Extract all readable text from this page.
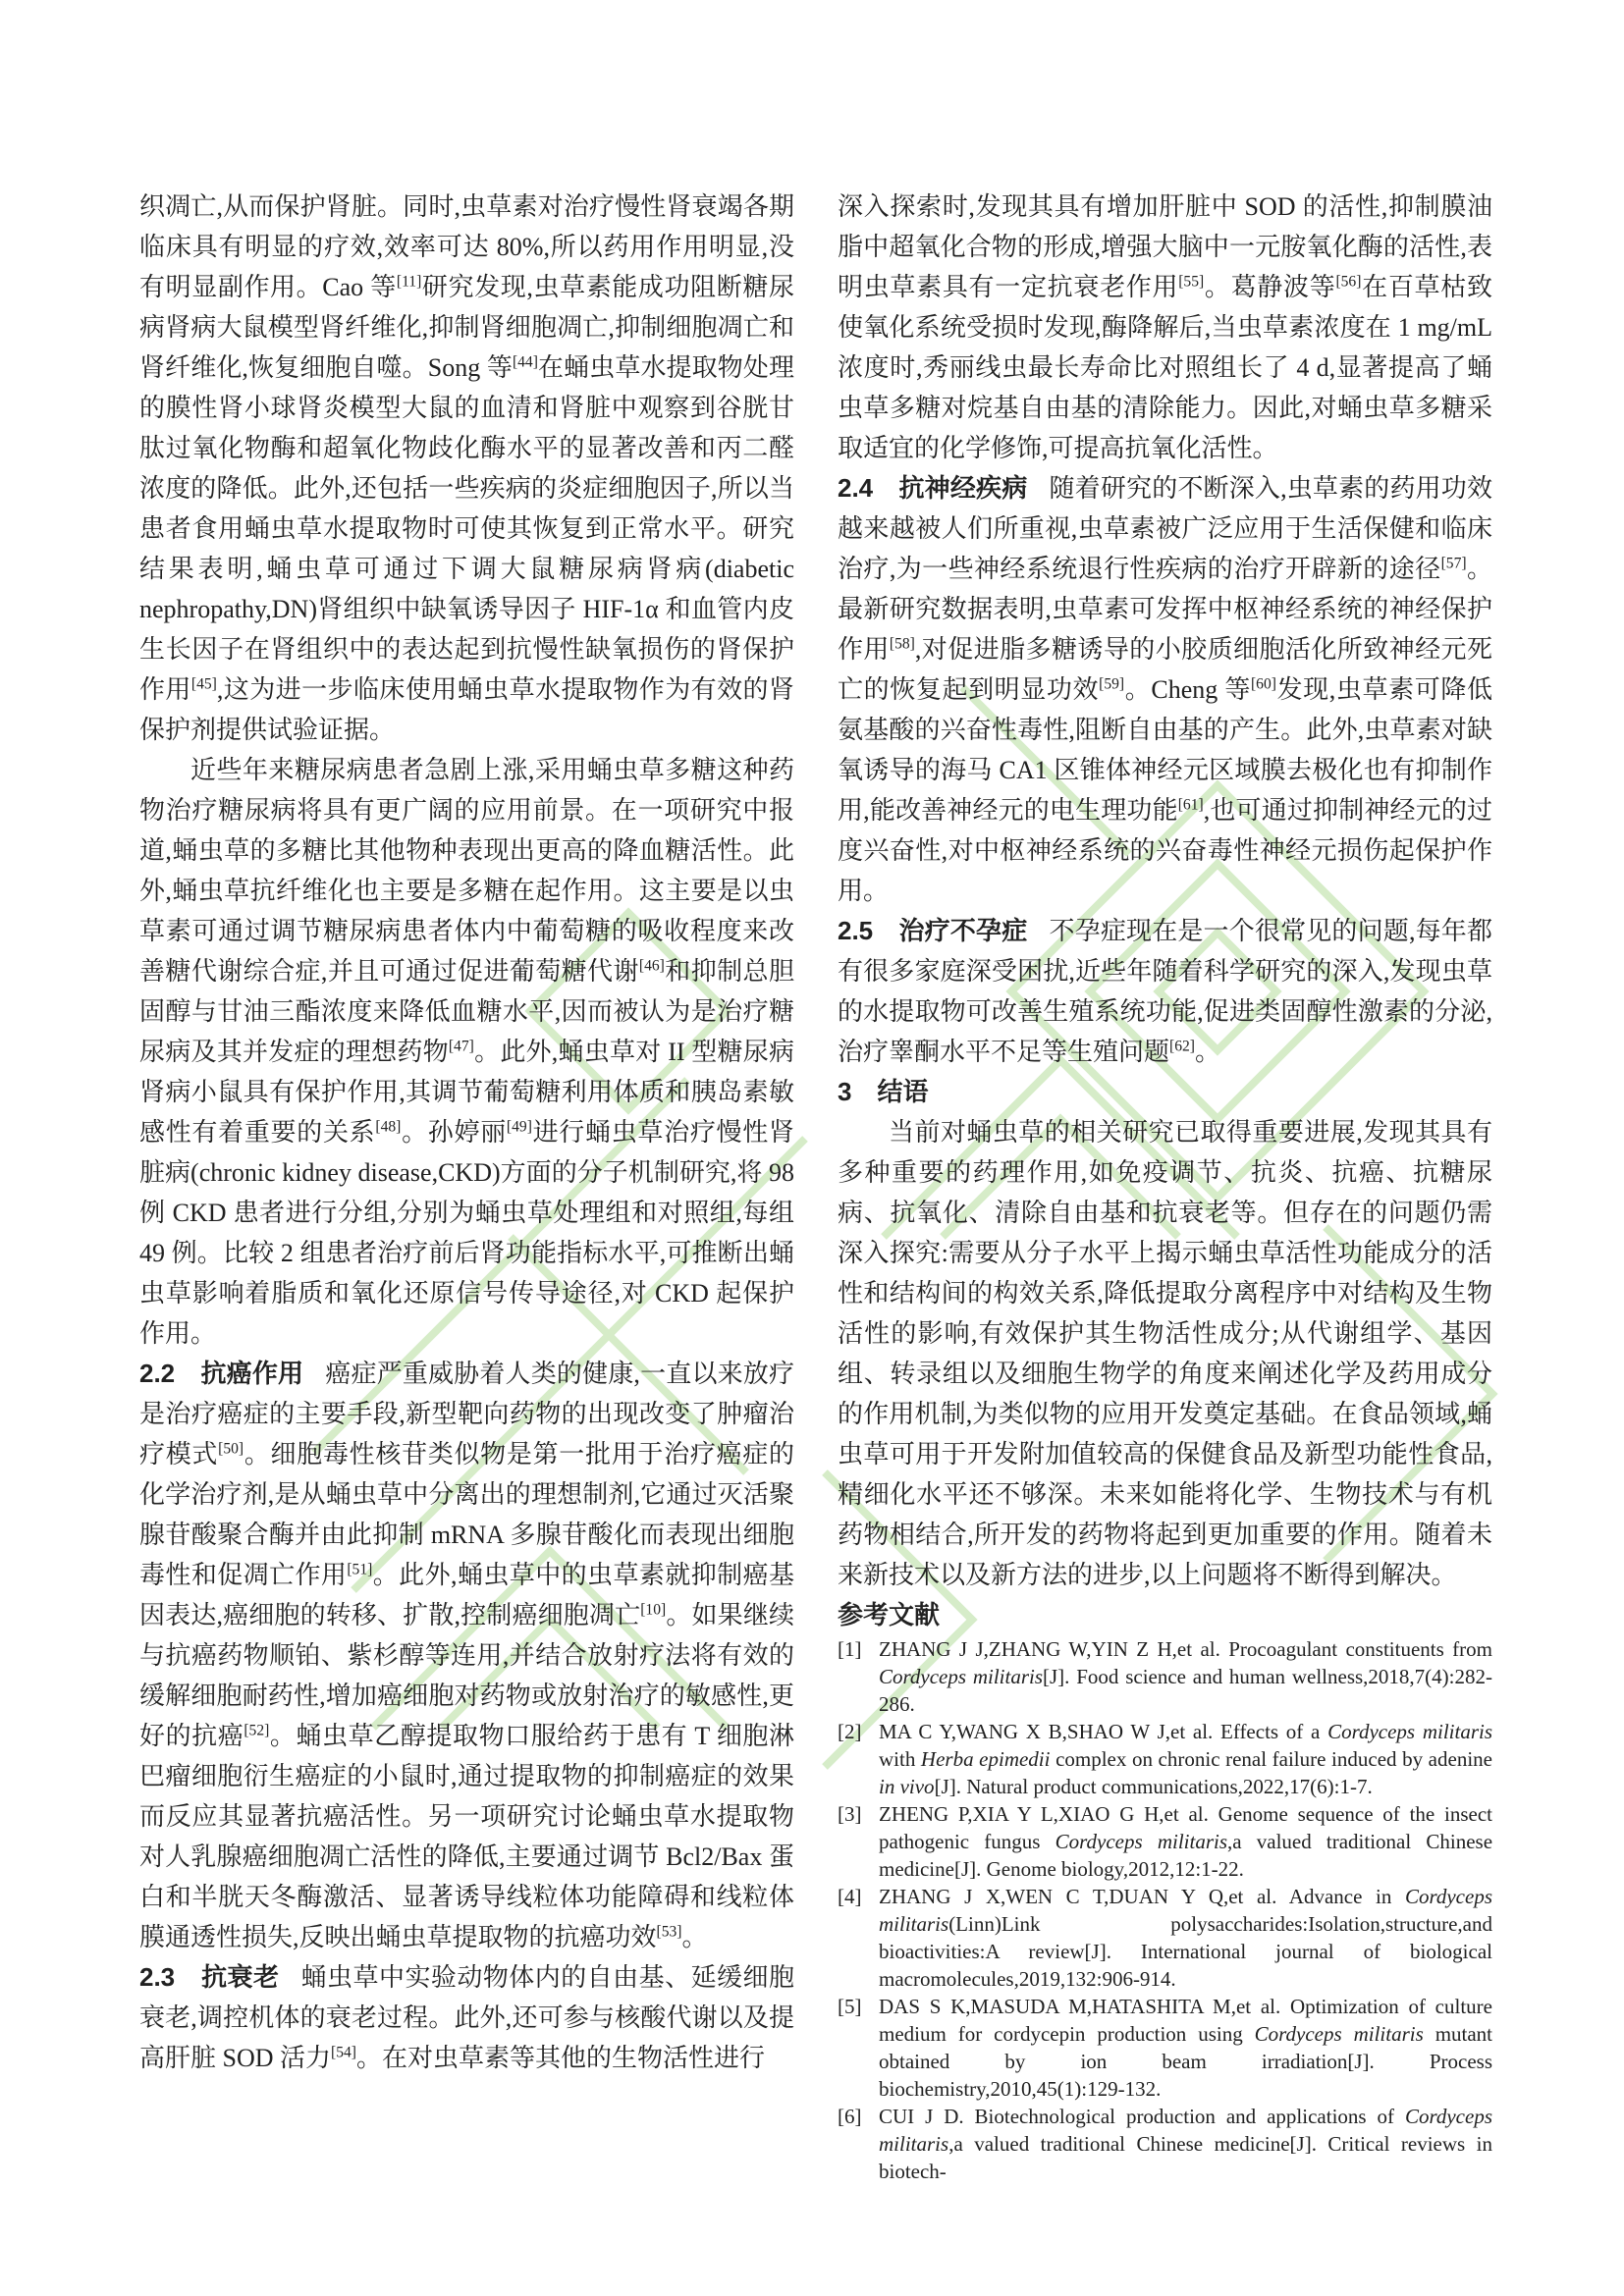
织凋亡,从而保护肾脏。同时,虫草素对治疗慢性肾衰竭各期临床具有明显的疗效,效率可达 80%,所以药用作用明显,没有明显副作用。Cao 等[11]研究发现,虫草素能成功阻断糖尿病肾病大鼠模型肾纤维化,抑制肾细胞凋亡,抑制细胞凋亡和肾纤维化,恢复细胞自噬。Song 等[44]在蛹虫草水提取物处理的膜性肾小球肾炎模型大鼠的血清和肾脏中观察到谷胱甘肽过氧化物酶和超氧化物歧化酶水平的显著改善和丙二醛浓度的降低。此外,还包括一些疾病的炎症细胞因子,所以当患者食用蛹虫草水提取物时可使其恢复到正常水平。研究结果表明,蛹虫草可通过下调大鼠糖尿病肾病(diabetic nephropathy,DN)肾组织中缺氧诱导因子 HIF-1α 和血管内皮生长因子在肾组织中的表达起到抗慢性缺氧损伤的肾保护作用[45],这为进一步临床使用蛹虫草水提取物作为有效的肾保护剂提供试验证据。

近些年来糖尿病患者急剧上涨,采用蛹虫草多糖这种药物治疗糖尿病将具有更广阔的应用前景。在一项研究中报道,蛹虫草的多糖比其他物种表现出更高的降血糖活性。此外,蛹虫草抗纤维化也主要是多糖在起作用。这主要是以虫草素可通过调节糖尿病患者体内中葡萄糖的吸收程度来改善糖代谢综合症,并且可通过促进葡萄糖代谢[46]和抑制总胆固醇与甘油三酯浓度来降低血糖水平,因而被认为是治疗糖尿病及其并发症的理想药物[47]。此外,蛹虫草对 II 型糖尿病肾病小鼠具有保护作用,其调节葡萄糖利用体质和胰岛素敏感性有着重要的关系[48]。孙婷丽[49]进行蛹虫草治疗慢性肾脏病(chronic kidney disease,CKD)方面的分子机制研究,将 98 例 CKD 患者进行分组,分别为蛹虫草处理组和对照组,每组 49 例。比较 2 组患者治疗前后肾功能指标水平,可推断出蛹虫草影响着脂质和氧化还原信号传导途径,对 CKD 起保护作用。

2.2　抗癌作用 癌症严重威胁着人类的健康,一直以来放疗是治疗癌症的主要手段,新型靶向药物的出现改变了肿瘤治疗模式[50]。细胞毒性核苷类似物是第一批用于治疗癌症的化学治疗剂,是从蛹虫草中分离出的理想制剂,它通过灭活聚腺苷酸聚合酶并由此抑制 mRNA 多腺苷酸化而表现出细胞毒性和促凋亡作用[51]。此外,蛹虫草中的虫草素就抑制癌基因表达,癌细胞的转移、扩散,控制癌细胞凋亡[10]。如果继续与抗癌药物顺铂、紫杉醇等连用,并结合放射疗法将有效的缓解细胞耐药性,增加癌细胞对药物或放射治疗的敏感性,更好的抗癌[52]。蛹虫草乙醇提取物口服给药于患有 T 细胞淋巴瘤细胞衍生癌症的小鼠时,通过提取物的抑制癌症的效果而反应其显著抗癌活性。另一项研究讨论蛹虫草水提取物对人乳腺癌细胞凋亡活性的降低,主要通过调节 Bcl2/Bax 蛋白和半胱天冬酶激活、显著诱导线粒体功能障碍和线粒体膜通透性损失,反映出蛹虫草提取物的抗癌功效[53]。

2.3　抗衰老 蛹虫草中实验动物体内的自由基、延缓细胞衰老,调控机体的衰老过程。此外,还可参与核酸代谢以及提高肝脏 SOD 活力[54]。在对虫草素等其他的生物活性进行

深入探索时,发现其具有增加肝脏中 SOD 的活性,抑制膜油脂中超氧化合物的形成,增强大脑中一元胺氧化酶的活性,表明虫草素具有一定抗衰老作用[55]。葛静波等[56]在百草枯致使氧化系统受损时发现,酶降解后,当虫草素浓度在 1 mg/mL 浓度时,秀丽线虫最长寿命比对照组长了 4 d,显著提高了蛹虫草多糖对烷基自由基的清除能力。因此,对蛹虫草多糖采取适宜的化学修饰,可提高抗氧化活性。

2.4　抗神经疾病 随着研究的不断深入,虫草素的药用功效越来越被人们所重视,虫草素被广泛应用于生活保健和临床治疗,为一些神经系统退行性疾病的治疗开辟新的途径[57]。最新研究数据表明,虫草素可发挥中枢神经系统的神经保护作用[58],对促进脂多糖诱导的小胶质细胞活化所致神经元死亡的恢复起到明显功效[59]。Cheng 等[60]发现,虫草素可降低氨基酸的兴奋性毒性,阻断自由基的产生。此外,虫草素对缺氧诱导的海马 CA1 区锥体神经元区域膜去极化也有抑制作用,能改善神经元的电生理功能[61],也可通过抑制神经元的过度兴奋性,对中枢神经系统的兴奋毒性神经元损伤起保护作用。

2.5　治疗不孕症 不孕症现在是一个很常见的问题,每年都有很多家庭深受困扰,近些年随着科学研究的深入,发现虫草的水提取物可改善生殖系统功能,促进类固醇性激素的分泌,治疗睾酮水平不足等生殖问题[62]。

3　结语

当前对蛹虫草的相关研究已取得重要进展,发现其具有多种重要的药理作用,如免疫调节、抗炎、抗癌、抗糖尿病、抗氧化、清除自由基和抗衰老等。但存在的问题仍需深入探究:需要从分子水平上揭示蛹虫草活性功能成分的活性和结构间的构效关系,降低提取分离程序中对结构及生物活性的影响,有效保护其生物活性成分;从代谢组学、基因组、转录组以及细胞生物学的角度来阐述化学及药用成分的作用机制,为类似物的应用开发奠定基础。在食品领域,蛹虫草可用于开发附加值较高的保健食品及新型功能性食品,精细化水平还不够深。未来如能将化学、生物技术与有机药物相结合,所开发的药物将起到更加重要的作用。随着未来新技术以及新方法的进步,以上问题将不断得到解决。

参考文献

[1] ZHANG J J,ZHANG W,YIN Z H,et al. Procoagulant constituents from Cordyceps militaris[J]. Food science and human wellness,2018,7(4):282-286.
[2] MA C Y,WANG X B,SHAO W J,et al. Effects of a Cordyceps militaris with Herba epimedii complex on chronic renal failure induced by adenine in vivo[J]. Natural product communications,2022,17(6):1-7.
[3] ZHENG P,XIA Y L,XIAO G H,et al. Genome sequence of the insect pathogenic fungus Cordyceps militaris,a valued traditional Chinese medicine[J]. Genome biology,2012,12:1-22.
[4] ZHANG J X,WEN C T,DUAN Y Q,et al. Advance in Cordyceps militaris(Linn)Link polysaccharides:Isolation,structure,and bioactivities:A review[J]. International journal of biological macromolecules,2019,132:906-914.
[5] DAS S K,MASUDA M,HATASHITA M,et al. Optimization of culture medium for cordycepin production using Cordyceps militaris mutant obtained by ion beam irradiation[J]. Process biochemistry,2010,45(1):129-132.
[6] CUI J D. Biotechnological production and applications of Cordyceps militaris,a valued traditional Chinese medicine[J]. Critical reviews in biotech-
